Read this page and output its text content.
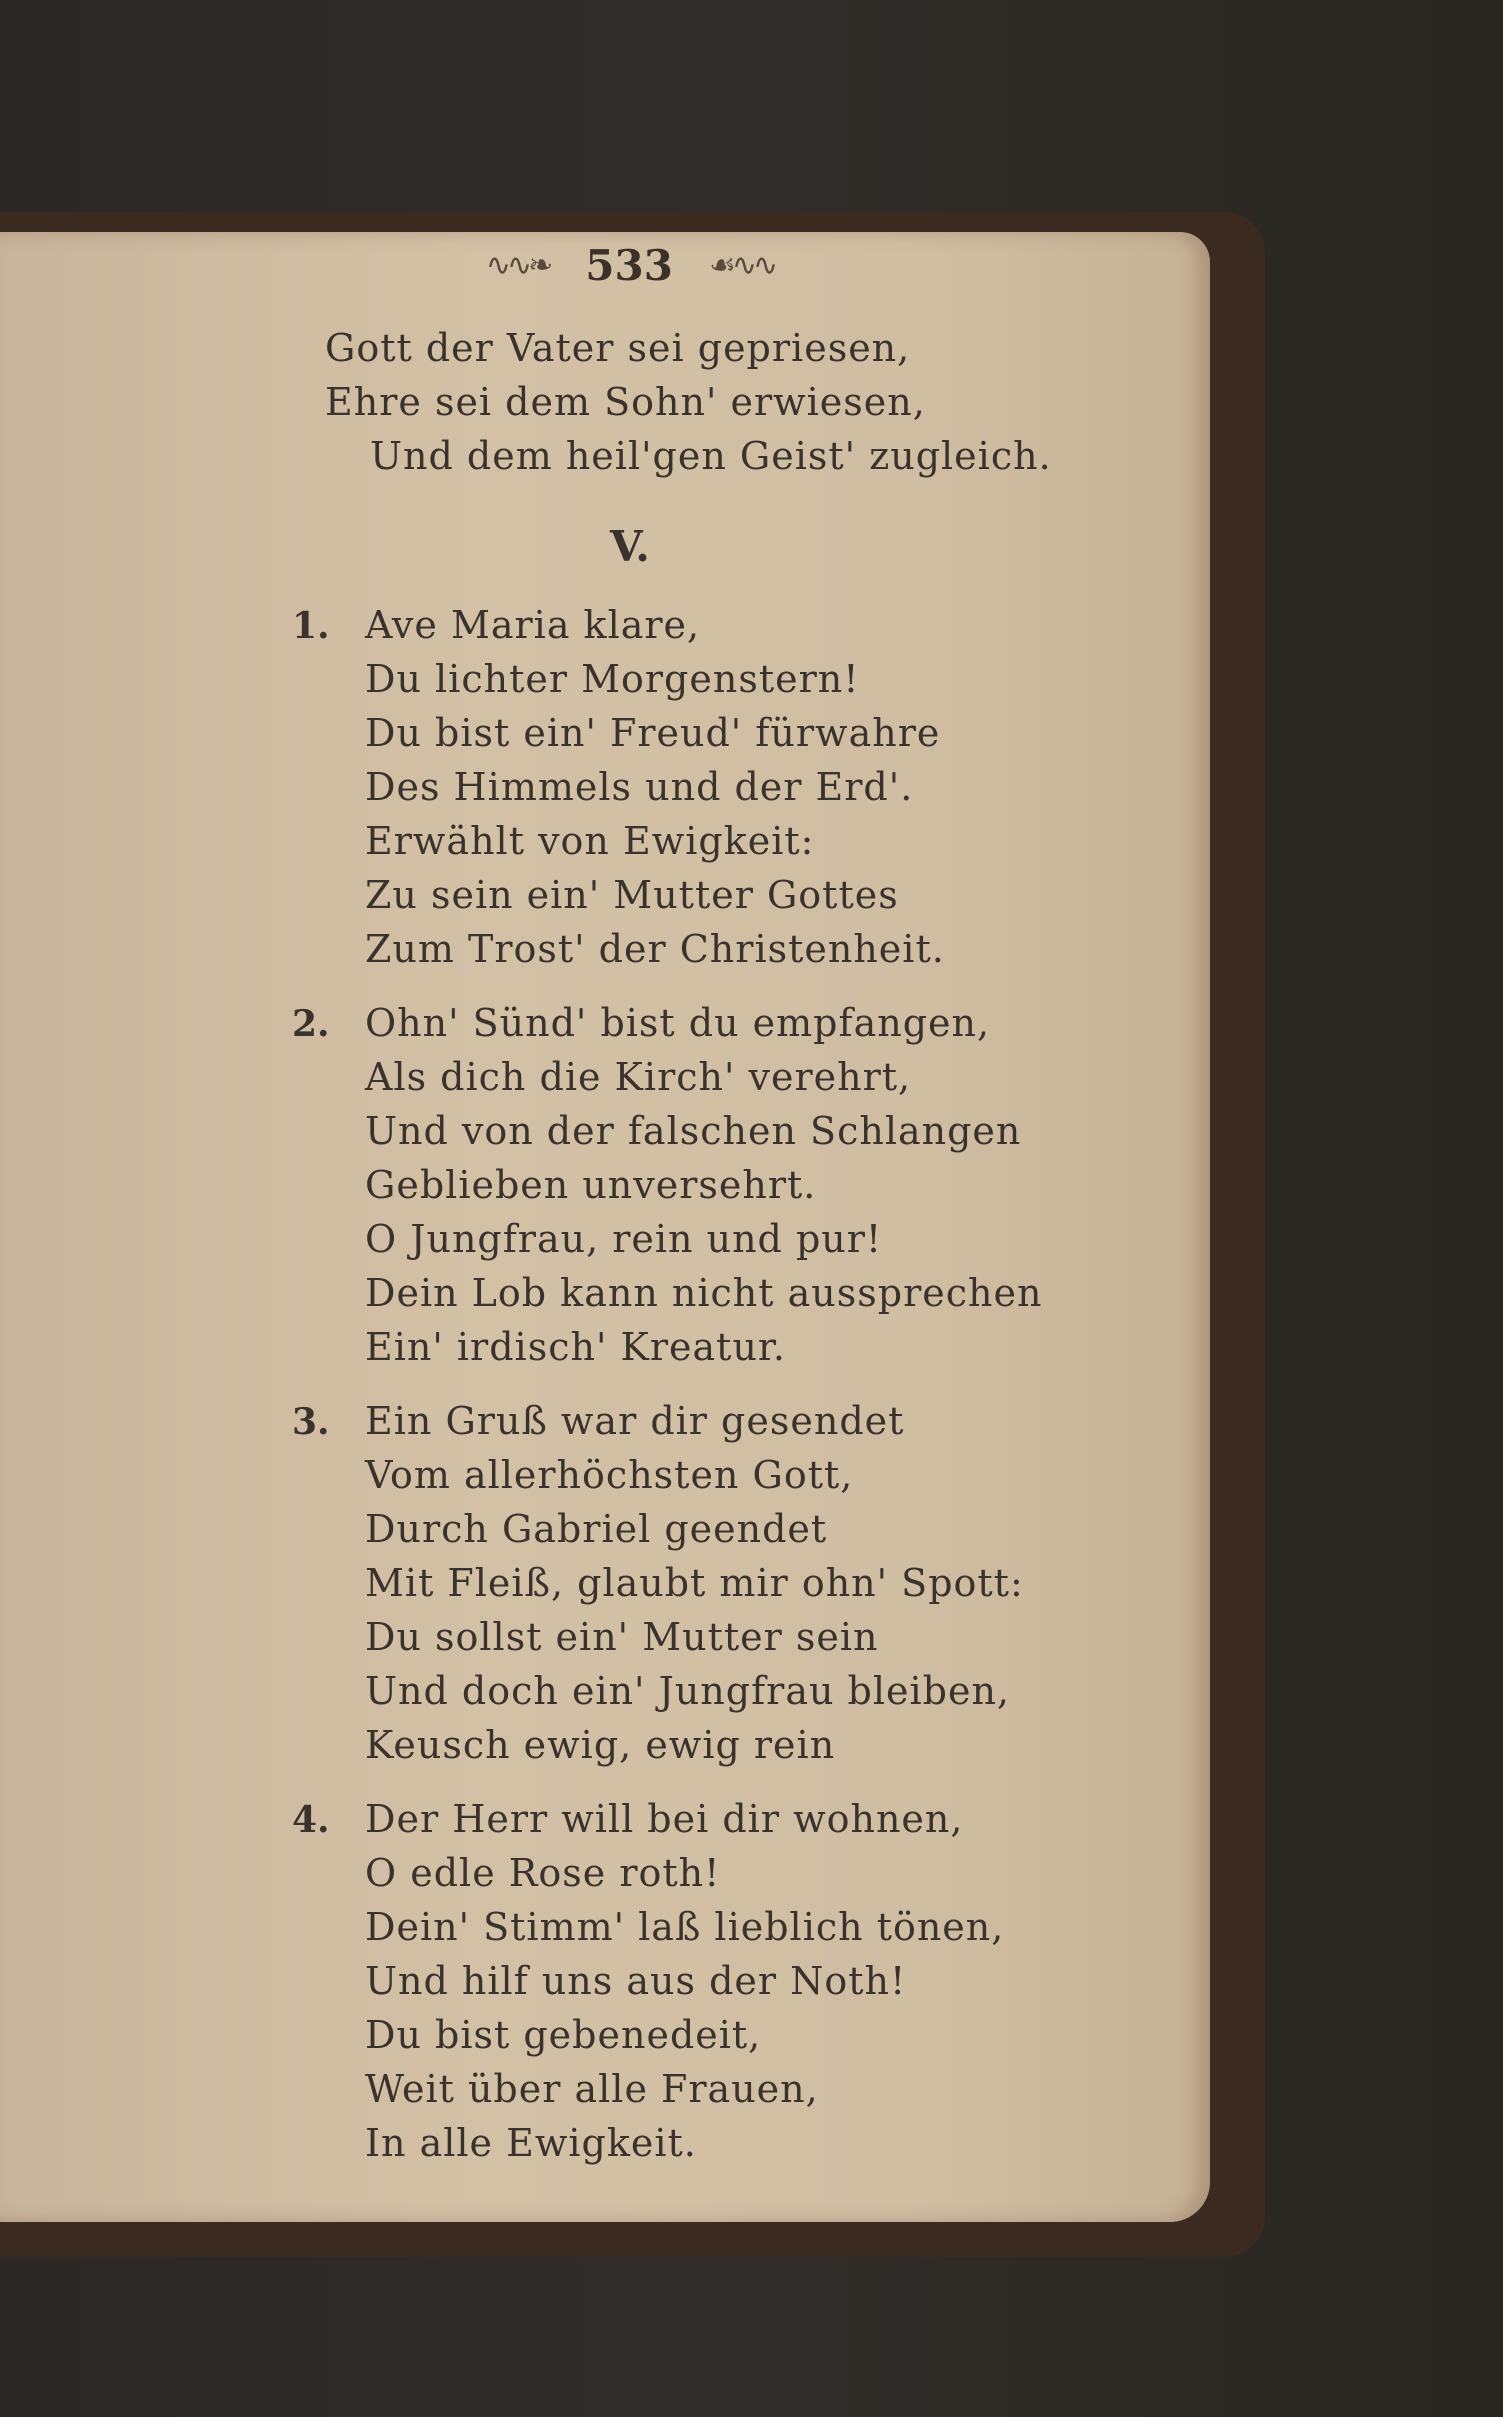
∿∿❧ 533 ☙∿∿
Gott der Vater sei gepriesen,
Ehre sei dem Sohn' erwiesen,
Und dem heil'gen Geist' zugleich.
V.
1. Ave Maria klare,
Du lichter Morgenstern!
Du bist ein' Freud' fürwahre
Des Himmels und der Erd'.
Erwählt von Ewigkeit:
Zu sein ein' Mutter Gottes
Zum Trost' der Christenheit.
2. Ohn' Sünd' bist du empfangen,
Als dich die Kirch' verehrt,
Und von der falschen Schlangen
Geblieben unversehrt.
O Jungfrau, rein und pur!
Dein Lob kann nicht aussprechen
Ein' irdisch' Kreatur.
3. Ein Gruß war dir gesendet
Vom allerhöchsten Gott,
Durch Gabriel geendet
Mit Fleiß, glaubt mir ohn' Spott:
Du sollst ein' Mutter sein
Und doch ein' Jungfrau bleiben,
Keusch ewig, ewig rein
4. Der Herr will bei dir wohnen,
O edle Rose roth!
Dein' Stimm' laß lieblich tönen,
Und hilf uns aus der Noth!
Du bist gebenedeit,
Weit über alle Frauen,
In alle Ewigkeit.
